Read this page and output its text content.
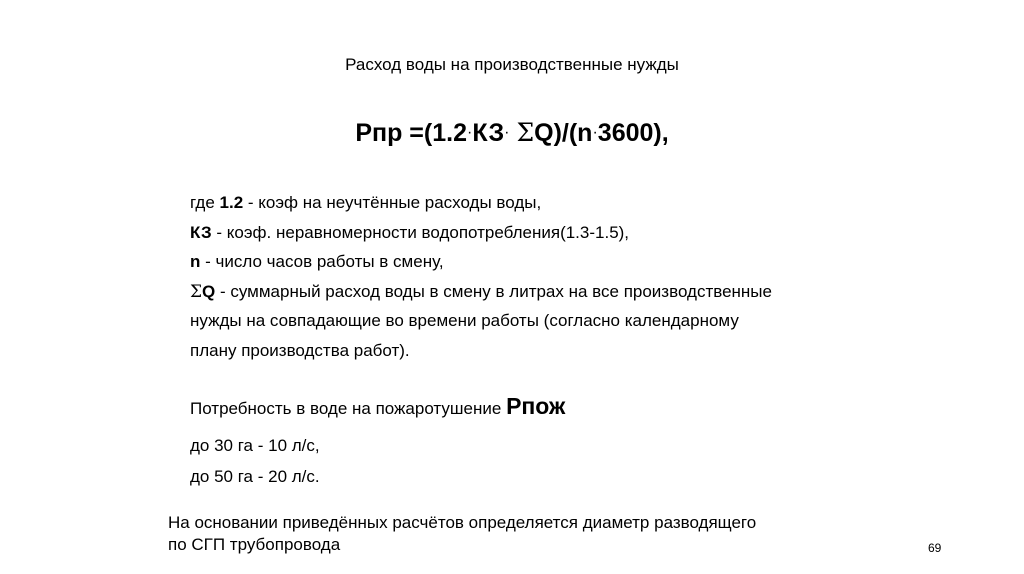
Расход воды на производственные нужды
Рпр =(1.2·КЗ· ΣQ)/(n·3600),
где 1.2 - коэф на неучтённые расходы воды,
КЗ - коэф. неравномерности водопотребления(1.3-1.5),
n - число часов работы в смену,
ΣQ - суммарный расход воды в смену в литрах на все производственные
нужды на совпадающие во времени работы (согласно календарному
плану производства работ).
Потребность в воде на пожаротушение Рпож
до 30 га - 10 л/с,
до 50 га - 20 л/с.
На основании приведённых расчётов определяется диаметр разводящего
по СГП трубопровода	69
